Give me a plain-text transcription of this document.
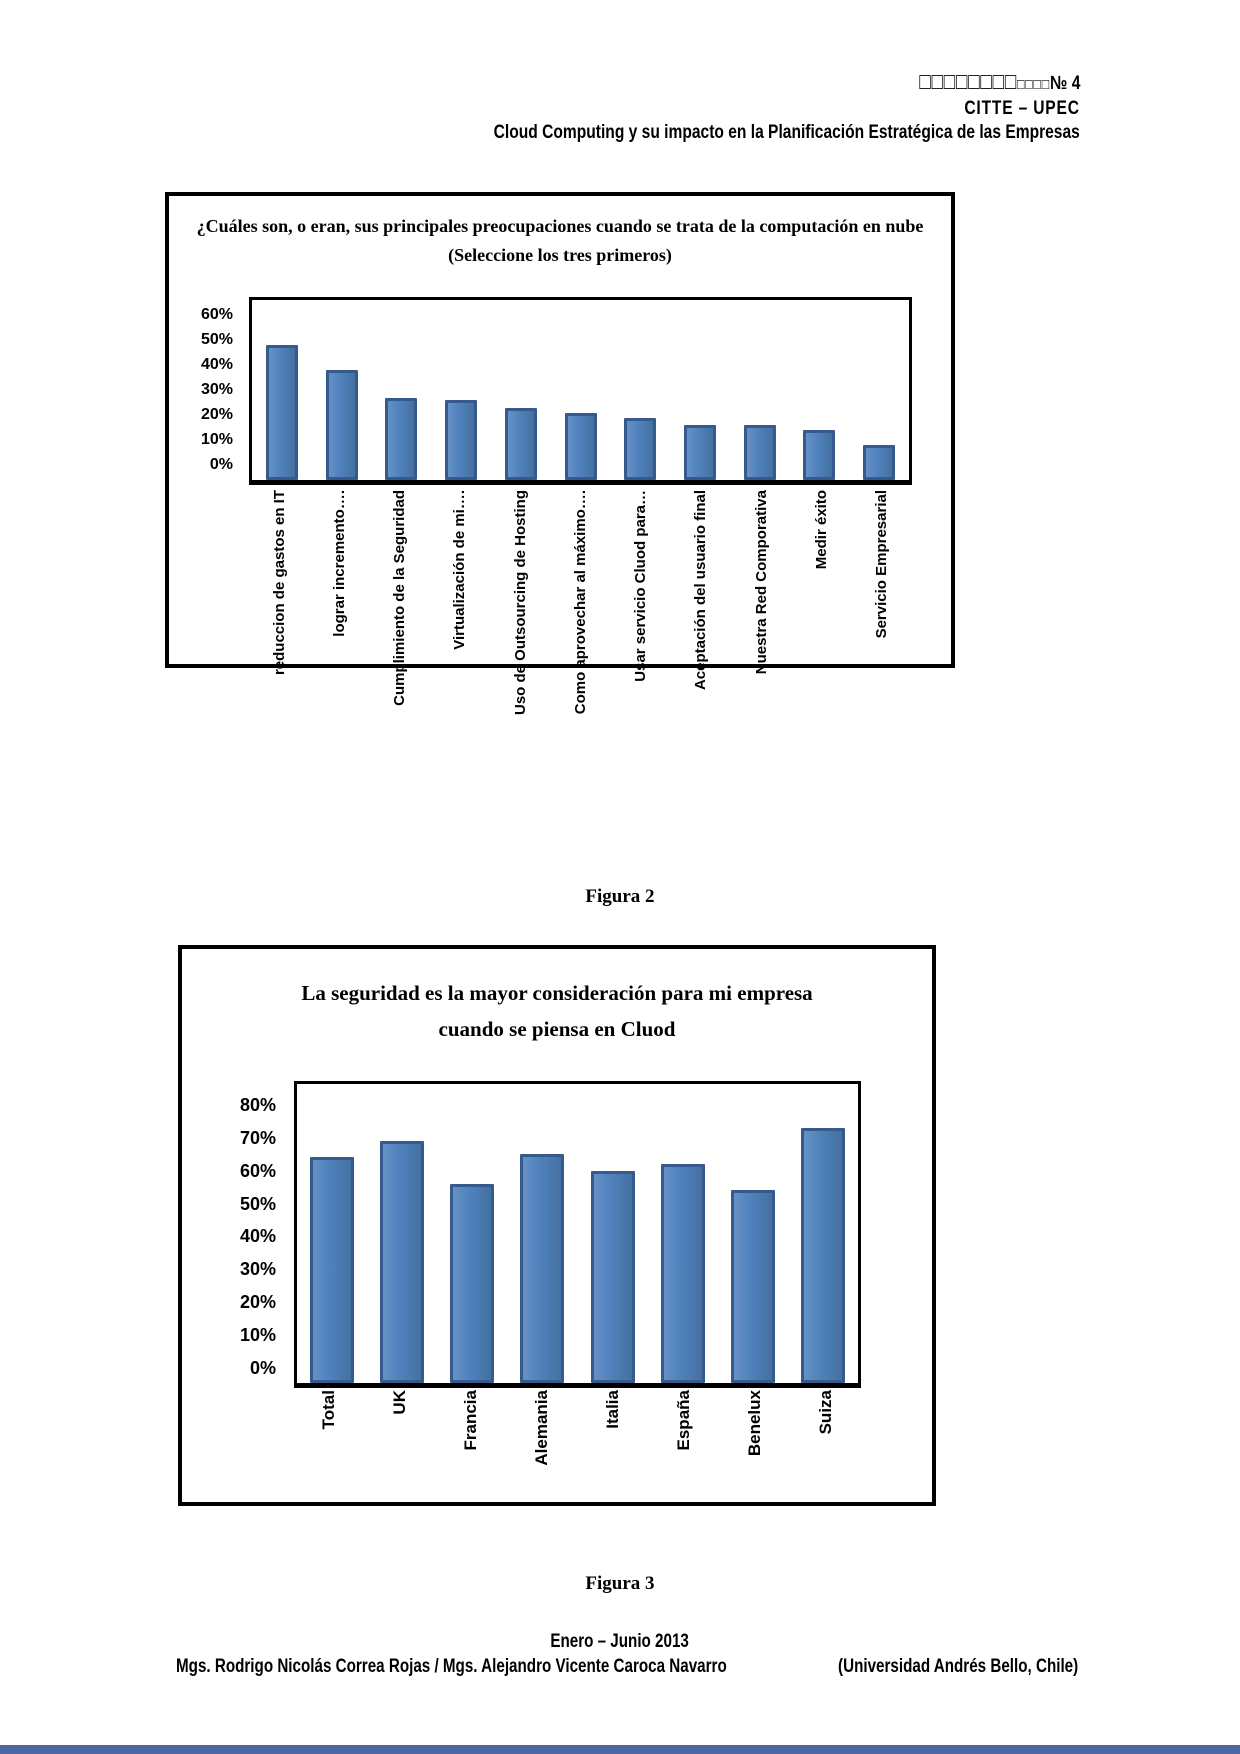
□□□□□□□□□□□□№ 4
CITTE – UPEC
Cloud Computing y su impacto en la Planificación Estratégica de las Empresas
¿Cuáles son, o eran, sus principales preocupaciones cuando se trata de la computación en nube
(Seleccione los tres primeros)
60%
50%
40%
30%
20%
10%
0%
reduccion de gastos en IT	lograr incremento….	Cumplimiento de la Seguridad	Virtualización de mi….	Uso de Outsourcing de Hosting	Como aprovechar al máximo….	Usar servicio Cluod para…	Aceptación del usuario final	Nuestra Red Comporativa	Medir éxito	Servicio Empresarial
Figura 2
La seguridad es la mayor consideración para mi empresa
cuando se piensa en Cluod
80%
70%
60%
50%
40%
30%
20%
10%
0%
Total	UK	Francia	Alemania	Italia	España	Benelux	Suiza
Figura 3
Enero – Junio 2013
Mgs. Rodrigo Nicolás Correa Rojas / Mgs. Alejandro Vicente Caroca Navarro	(Universidad Andrés Bello, Chile)
